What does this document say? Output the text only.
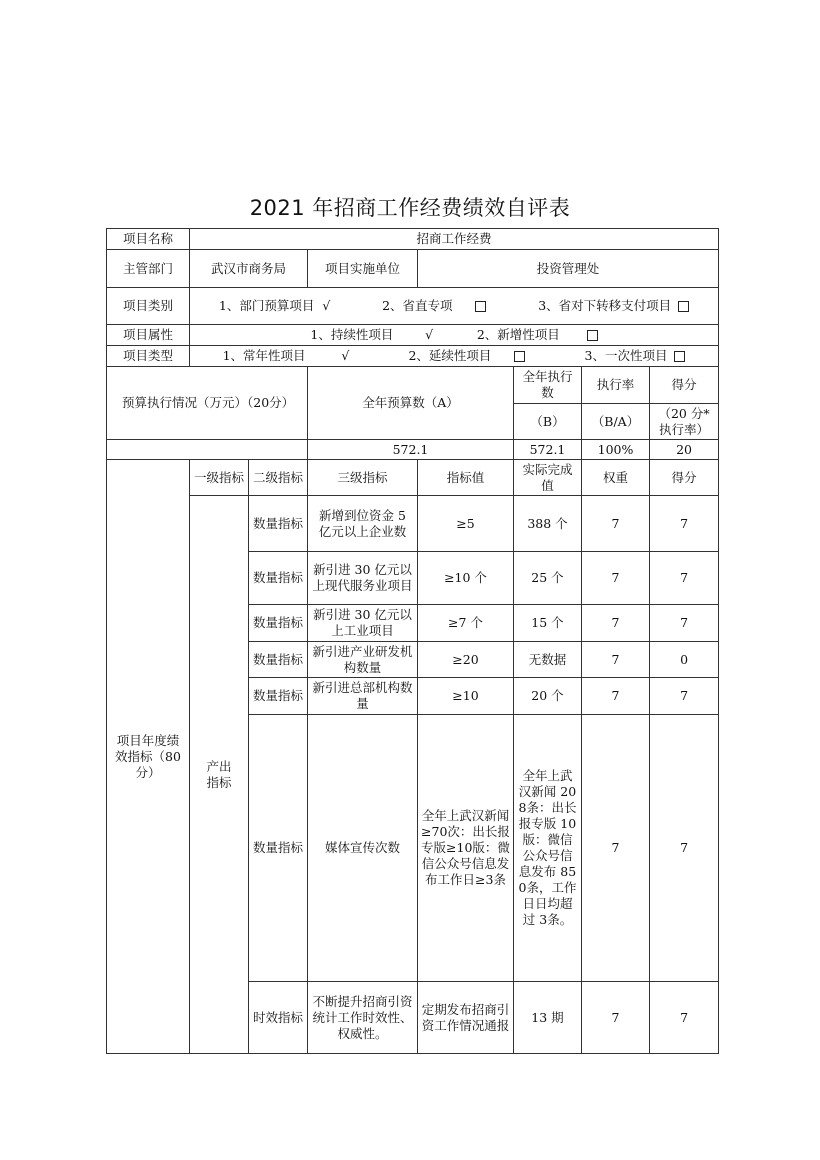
2021 年招商工作经费绩效自评表
项目名称	招商工作经费						
主管部门	武汉市商务局		项目实施单位	投资管理处			
项目类别	1、部门预算项目 √ 2、省直专项 3、省对下转移支付项目						

项目属性	1、持续性项目 √ 2、新增性项目						
项目类型	1、常年性项目 √ 2、延续性项目 3、一次性项目						

预算执行情况（万元）（20分）			全年预算数（A）		全年执行数	执行率	得分
					（B）	（B/A）	（20 分*执行率）
			572.1		572.1	100%	20
项目年度绩效指标（80 分）	一级指标	二级指标	三级指标	指标值	实际完成值	权重	得分
	产出指标	数量指标	新增到位资金 5 亿元以上企业数	≥5	388 个	7	7
		数量指标	新引进 30 亿元以上现代服务业项目	≥10 个	25 个	7	7
		数量指标	新引进 30 亿元以上工业项目	≥7 个	15 个	7	7
		数量指标	新引进产业研发机构数量	≥20	无数据	7	0
		数量指标	新引进总部机构数量	≥10	20 个	7	7
		数量指标	媒体宣传次数	全年上武汉新闻≥70次：出长报专版≥10版：微信公众号信息发布工作日≥3条	全年上武汉新闻 208条：出长报专版 10版：微信公众号信息发布 850条，工作日日均超过 3条。	7	7
		时效指标	不断提升招商引资统计工作时效性、权威性。	定期发布招商引资工作情况通报	13 期	7	7
